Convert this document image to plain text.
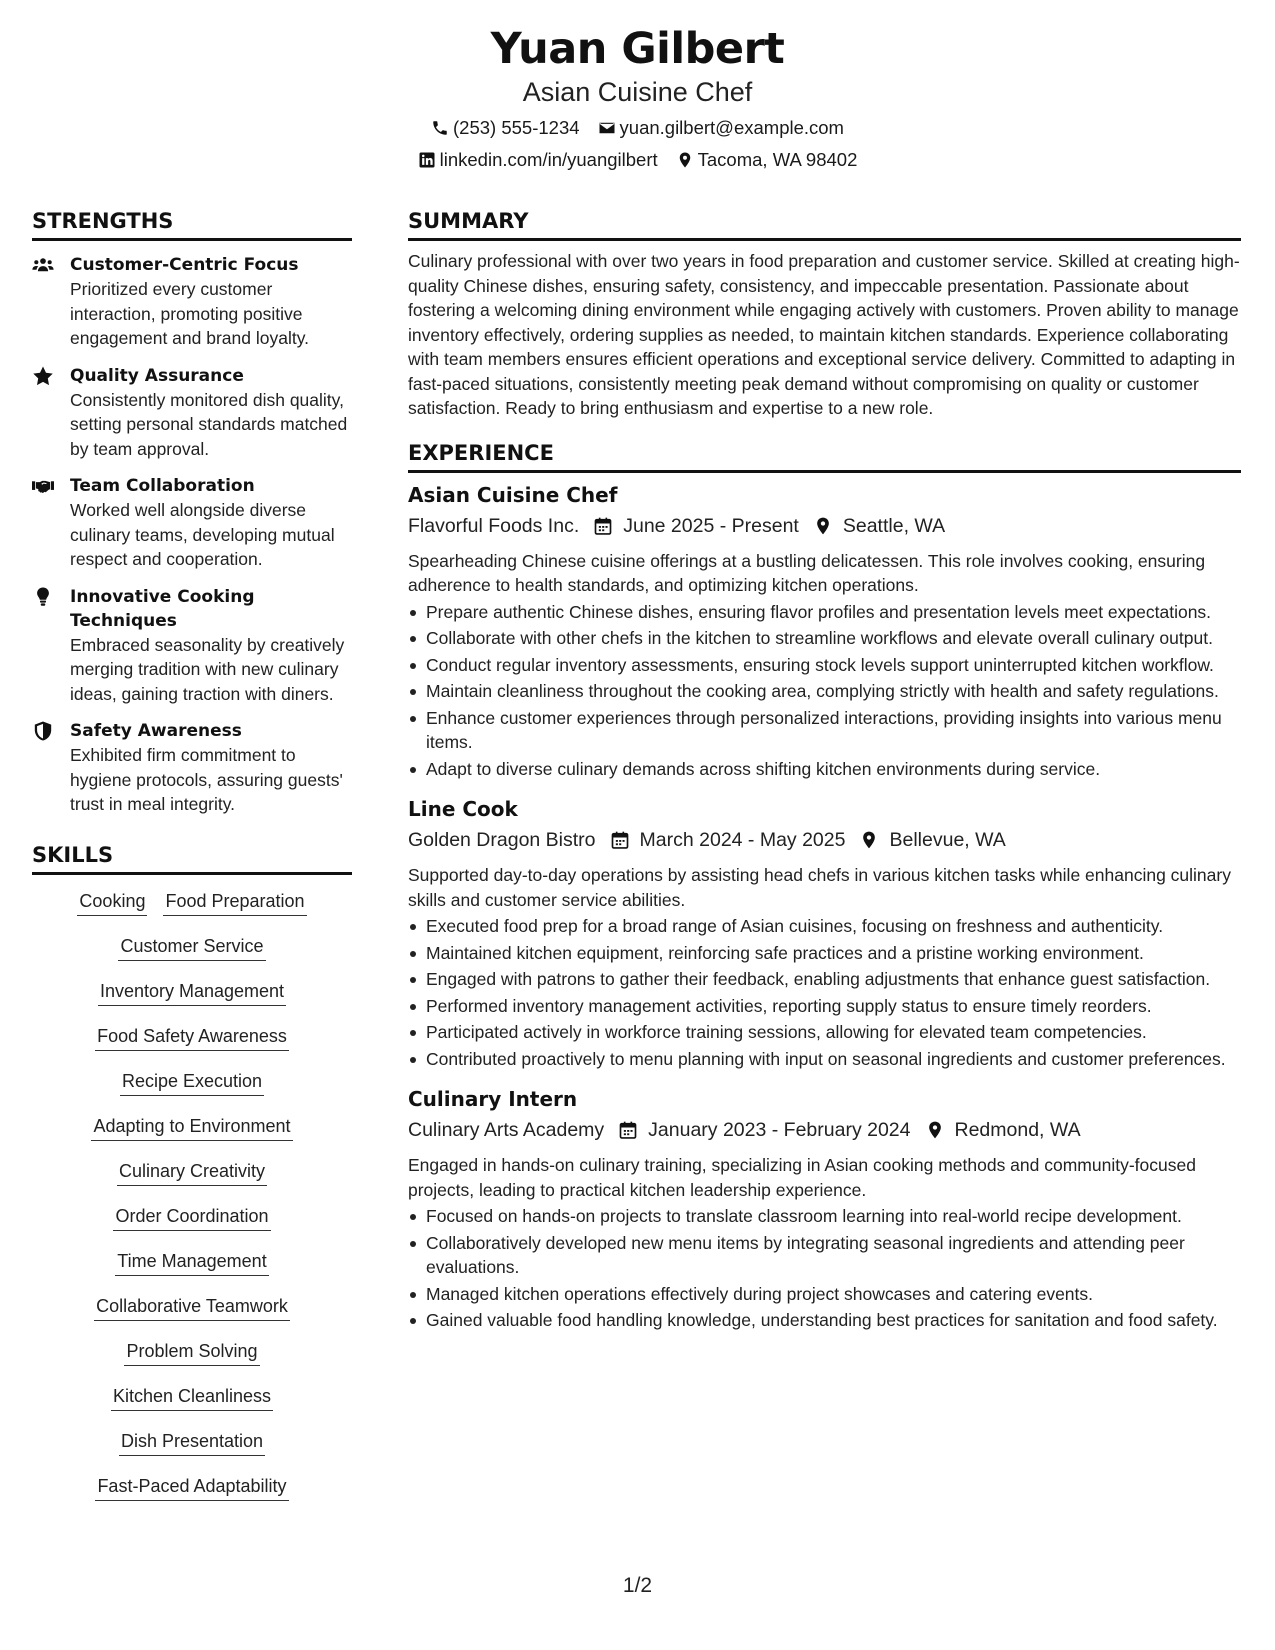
Yuan Gilbert
Asian Cuisine Chef
(253) 555-1234 yuan.gilbert@example.com
linkedin.com/in/yuangilbert Tacoma, WA 98402
STRENGTHS
Customer-Centric Focus
Prioritized every customer interaction, promoting positive engagement and brand loyalty.
Quality Assurance
Consistently monitored dish quality, setting personal standards matched by team approval.
Team Collaboration
Worked well alongside diverse culinary teams, developing mutual respect and cooperation.
Innovative Cooking Techniques
Embraced seasonality by creatively merging tradition with new culinary ideas, gaining traction with diners.
Safety Awareness
Exhibited firm commitment to hygiene protocols, assuring guests' trust in meal integrity.
SKILLS
Cooking Food Preparation
Customer Service
Inventory Management
Food Safety Awareness
Recipe Execution
Adapting to Environment
Culinary Creativity
Order Coordination
Time Management
Collaborative Teamwork
Problem Solving
Kitchen Cleanliness
Dish Presentation
Fast-Paced Adaptability
SUMMARY
Culinary professional with over two years in food preparation and customer service. Skilled at creating high-quality Chinese dishes, ensuring safety, consistency, and impeccable presentation. Passionate about fostering a welcoming dining environment while engaging actively with customers. Proven ability to manage inventory effectively, ordering supplies as needed, to maintain kitchen standards. Experience collaborating with team members ensures efficient operations and exceptional service delivery. Committed to adapting in fast-paced situations, consistently meeting peak demand without compromising on quality or customer satisfaction. Ready to bring enthusiasm and expertise to a new role.
EXPERIENCE
Asian Cuisine Chef
Flavorful Foods Inc. June 2025 - Present Seattle, WA
Spearheading Chinese cuisine offerings at a bustling delicatessen. This role involves cooking, ensuring adherence to health standards, and optimizing kitchen operations.
Prepare authentic Chinese dishes, ensuring flavor profiles and presentation levels meet expectations.
Collaborate with other chefs in the kitchen to streamline workflows and elevate overall culinary output.
Conduct regular inventory assessments, ensuring stock levels support uninterrupted kitchen workflow.
Maintain cleanliness throughout the cooking area, complying strictly with health and safety regulations.
Enhance customer experiences through personalized interactions, providing insights into various menu items.
Adapt to diverse culinary demands across shifting kitchen environments during service.
Line Cook
Golden Dragon Bistro March 2024 - May 2025 Bellevue, WA
Supported day-to-day operations by assisting head chefs in various kitchen tasks while enhancing culinary skills and customer service abilities.
Executed food prep for a broad range of Asian cuisines, focusing on freshness and authenticity.
Maintained kitchen equipment, reinforcing safe practices and a pristine working environment.
Engaged with patrons to gather their feedback, enabling adjustments that enhance guest satisfaction.
Performed inventory management activities, reporting supply status to ensure timely reorders.
Participated actively in workforce training sessions, allowing for elevated team competencies.
Contributed proactively to menu planning with input on seasonal ingredients and customer preferences.
Culinary Intern
Culinary Arts Academy January 2023 - February 2024 Redmond, WA
Engaged in hands-on culinary training, specializing in Asian cooking methods and community-focused projects, leading to practical kitchen leadership experience.
Focused on hands-on projects to translate classroom learning into real-world recipe development.
Collaboratively developed new menu items by integrating seasonal ingredients and attending peer evaluations.
Managed kitchen operations effectively during project showcases and catering events.
Gained valuable food handling knowledge, understanding best practices for sanitation and food safety.
1/2
